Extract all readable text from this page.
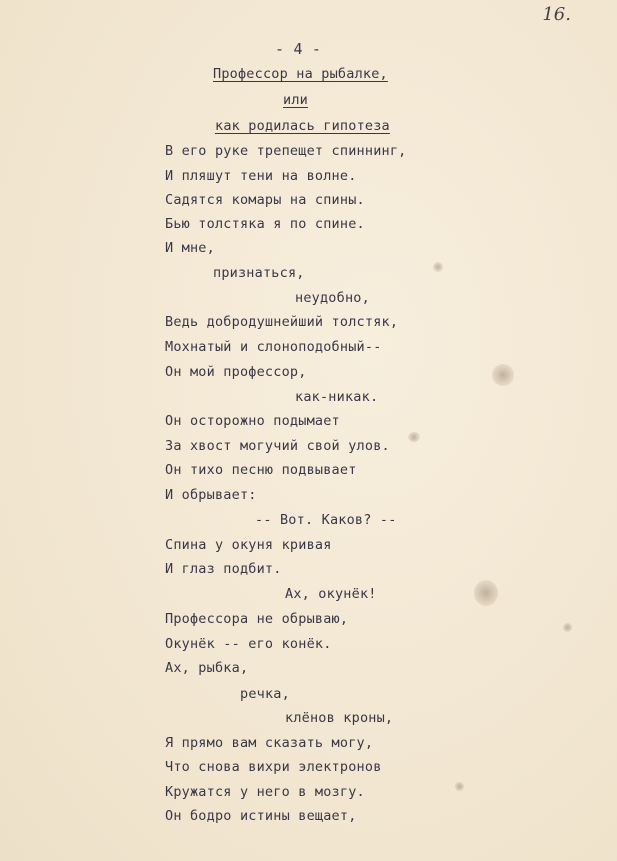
16.
- 4 -
Профессор на рыбалке,
или
как родилась гипотеза
В его руке трепещет спиннинг,
И пляшут тени на волне.
Садятся комары на спины.
Бью толстяка я по спине.
И мне,
признаться,
неудобно,
Ведь добродушнейший толстяк,
Мохнатый и слоноподобный--
Он мой профессор,
как-никак.
Он осторожно подымает
За хвост могучий свой улов.
Он тихо песню подвывает
И обрывает:
-- Вот. Каков? --
Спина у окуня кривая
И глаз подбит.
Ах, окунёк!
Профессора не обрываю,
Окунёк -- его конёк.
Ах, рыбка,
речка,
клёнов кроны,
Я прямо вам сказать могу,
Что снова вихри электронов
Кружатся у него в мозгу.
Он бодро истины вещает,
